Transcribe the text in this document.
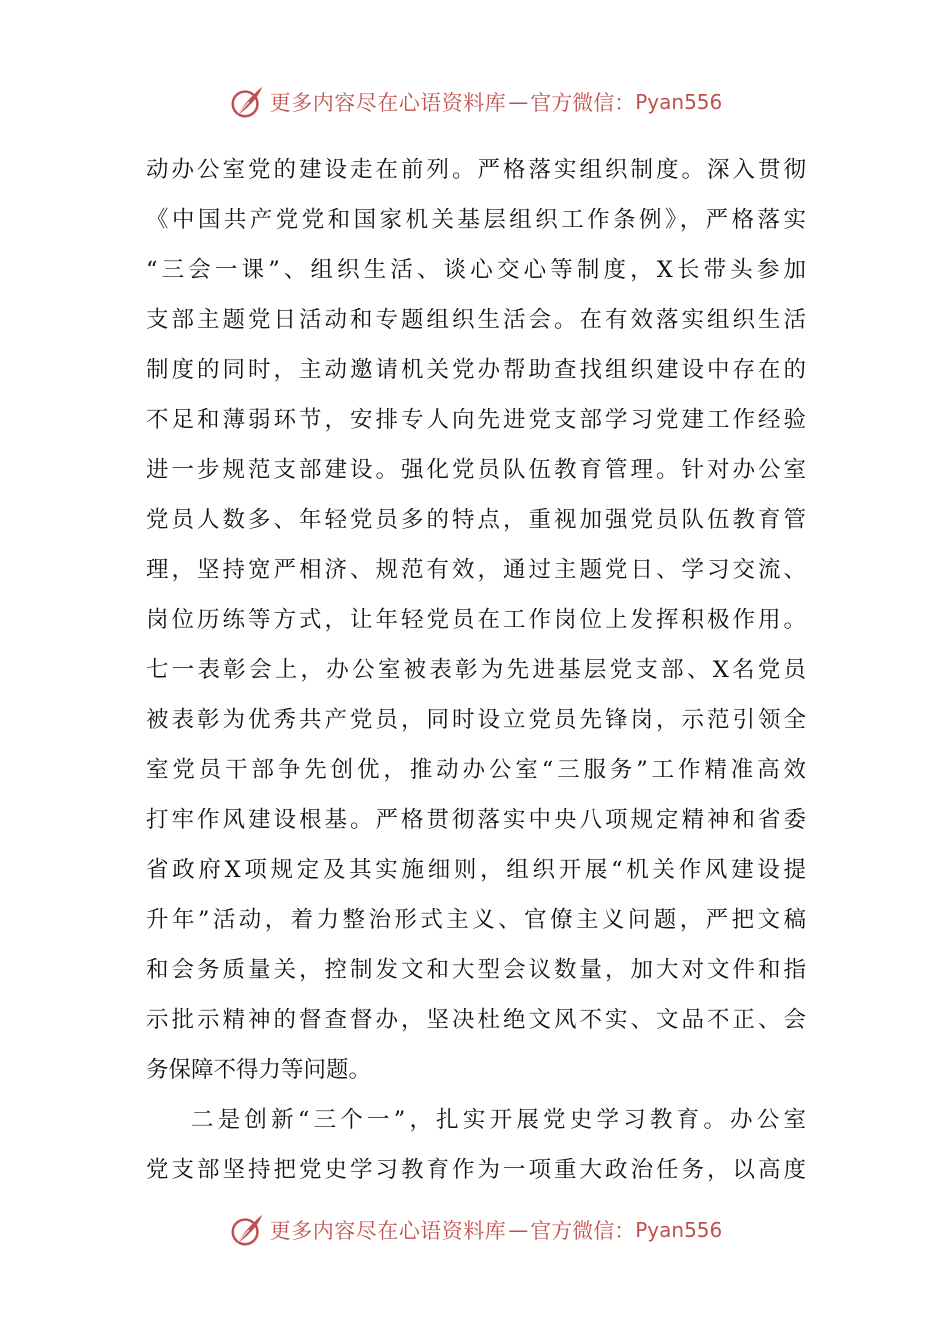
更多内容尽在心语资料库 — 官方微信： Pyan556
动办公室党的建设走在前列。严格落实组织制度。深入贯彻
《中国共产党党和国家机关基层组织工作条例》，严格落实
“三会一课”、组织生活、谈心交心等制度，X长带头参加
支部主题党日活动和专题组织生活会。在有效落实组织生活
制度的同时，主动邀请机关党办帮助查找组织建设中存在的
不足和薄弱环节，安排专人向先进党支部学习党建工作经验
进一步规范支部建设。强化党员队伍教育管理。针对办公室
党员人数多、年轻党员多的特点，重视加强党员队伍教育管
理，坚持宽严相济、规范有效，通过主题党日、学习交流、
岗位历练等方式，让年轻党员在工作岗位上发挥积极作用。
七一表彰会上，办公室被表彰为先进基层党支部、X名党员
被表彰为优秀共产党员，同时设立党员先锋岗，示范引领全
室党员干部争先创优，推动办公室“三服务”工作精准高效
打牢作风建设根基。严格贯彻落实中央八项规定精神和省委
省政府X项规定及其实施细则，组织开展“机关作风建设提
升年”活动，着力整治形式主义、官僚主义问题，严把文稿
和会务质量关，控制发文和大型会议数量，加大对文件和指
示批示精神的督查督办，坚决杜绝文风不实、文品不正、会
务保障不得力等问题。
二是创新“三个一”，扎实开展党史学习教育。办公室
党支部坚持把党史学习教育作为一项重大政治任务，以高度
更多内容尽在心语资料库 — 官方微信： Pyan556
